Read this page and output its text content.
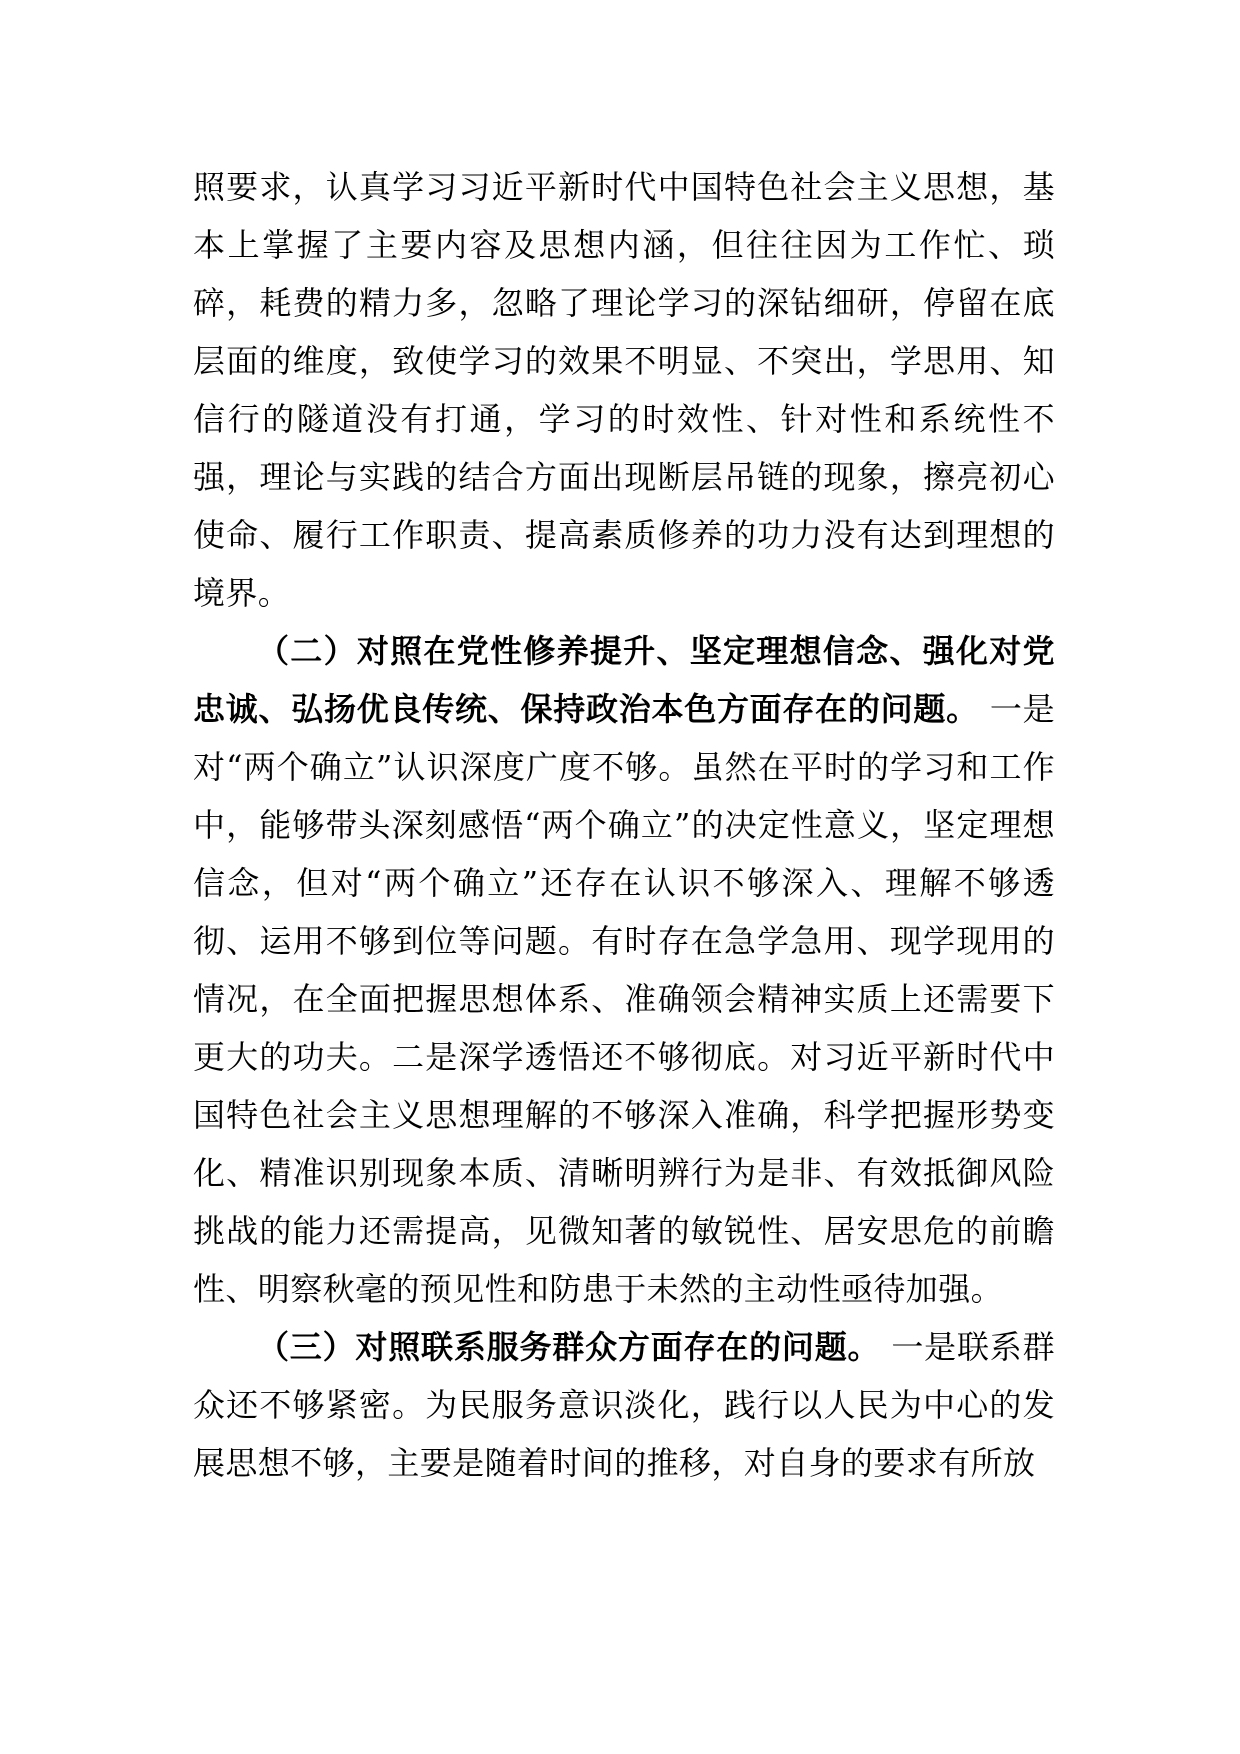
照要求，认真学习习近平新时代中国特色社会主义思想，基本上掌握了主要内容及思想内涵，但往往因为工作忙、琐碎，耗费的精力多，忽略了理论学习的深钻细研，停留在底层面的维度，致使学习的效果不明显、不突出，学思用、知信行的隧道没有打通，学习的时效性、针对性和系统性不强，理论与实践的结合方面出现断层吊链的现象，擦亮初心使命、履行工作职责、提高素质修养的功力没有达到理想的境界。

（二）对照在党性修养提升、坚定理想信念、强化对党忠诚、弘扬优良传统、保持政治本色方面存在的问题。 一是对“两个确立”认识深度广度不够。虽然在平时的学习和工作中，能够带头深刻感悟“两个确立”的决定性意义，坚定理想信念，但对“两个确立”还存在认识不够深入、理解不够透彻、运用不够到位等问题。有时存在急学急用、现学现用的情况，在全面把握思想体系、准确领会精神实质上还需要下更大的功夫。二是深学透悟还不够彻底。对习近平新时代中国特色社会主义思想理解的不够深入准确，科学把握形势变化、精准识别现象本质、清晰明辨行为是非、有效抵御风险挑战的能力还需提高，见微知著的敏锐性、居安思危的前瞻性、明察秋毫的预见性和防患于未然的主动性亟待加强。

（三）对照联系服务群众方面存在的问题。 一是联系群众还不够紧密。为民服务意识淡化，践行以人民为中心的发展思想不够，主要是随着时间的推移，对自身的要求有所放
